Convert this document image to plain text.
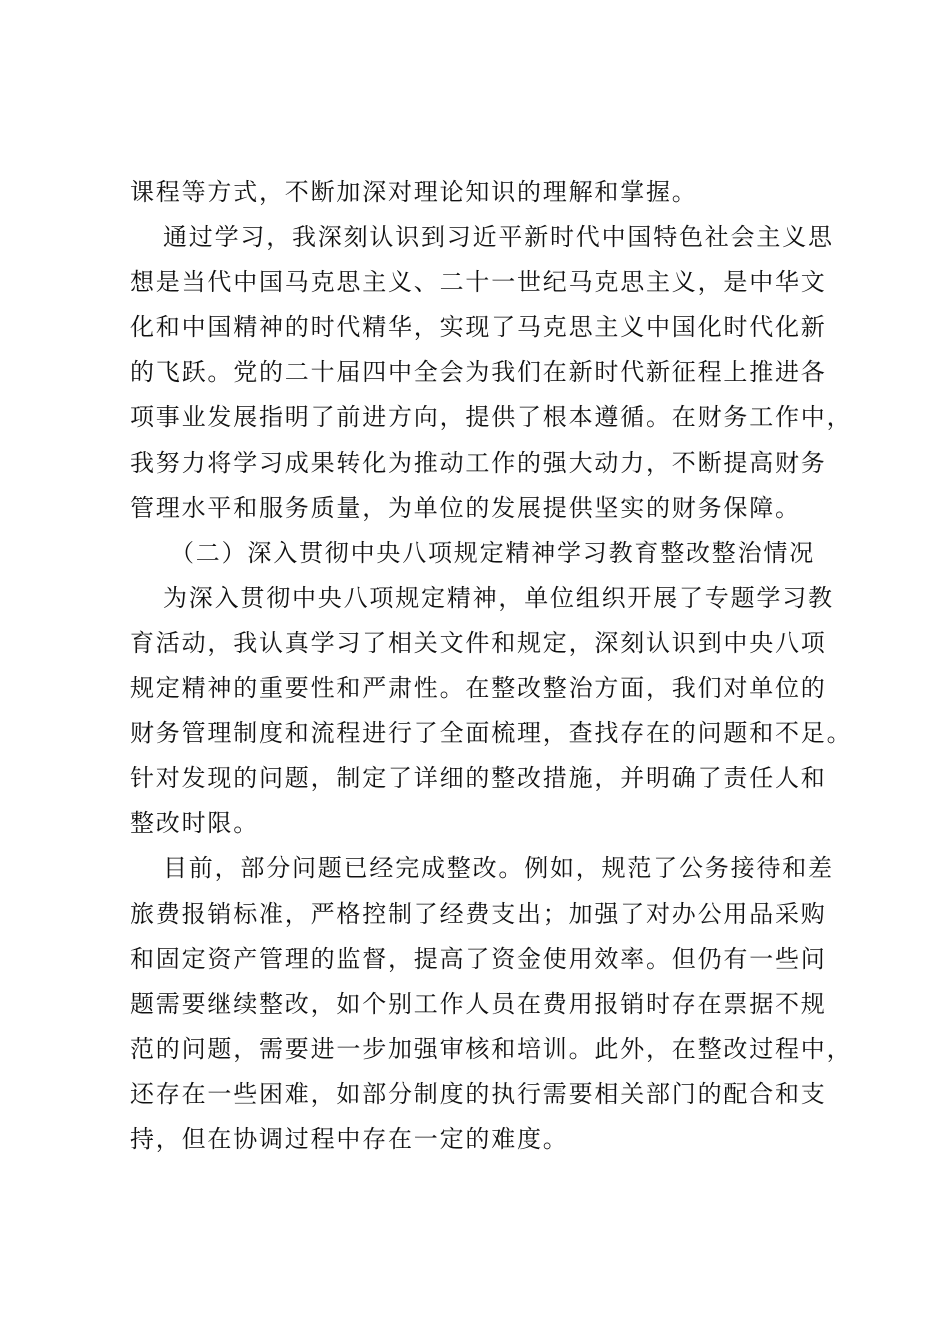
课程等方式，不断加深对理论知识的理解和掌握。
通过学习，我深刻认识到习近平新时代中国特色社会主义思
想是当代中国马克思主义、二十一世纪马克思主义，是中华文
化和中国精神的时代精华，实现了马克思主义中国化时代化新
的飞跃。党的二十届四中全会为我们在新时代新征程上推进各
项事业发展指明了前进方向，提供了根本遵循。在财务工作中，
我努力将学习成果转化为推动工作的强大动力，不断提高财务
管理水平和服务质量，为单位的发展提供坚实的财务保障。
（二）深入贯彻中央八项规定精神学习教育整改整治情况
为深入贯彻中央八项规定精神，单位组织开展了专题学习教
育活动，我认真学习了相关文件和规定，深刻认识到中央八项
规定精神的重要性和严肃性。在整改整治方面，我们对单位的
财务管理制度和流程进行了全面梳理，查找存在的问题和不足。
针对发现的问题，制定了详细的整改措施，并明确了责任人和
整改时限。
目前，部分问题已经完成整改。例如，规范了公务接待和差
旅费报销标准，严格控制了经费支出；加强了对办公用品采购
和固定资产管理的监督，提高了资金使用效率。但仍有一些问
题需要继续整改，如个别工作人员在费用报销时存在票据不规
范的问题，需要进一步加强审核和培训。此外，在整改过程中，
还存在一些困难，如部分制度的执行需要相关部门的配合和支
持，但在协调过程中存在一定的难度。
